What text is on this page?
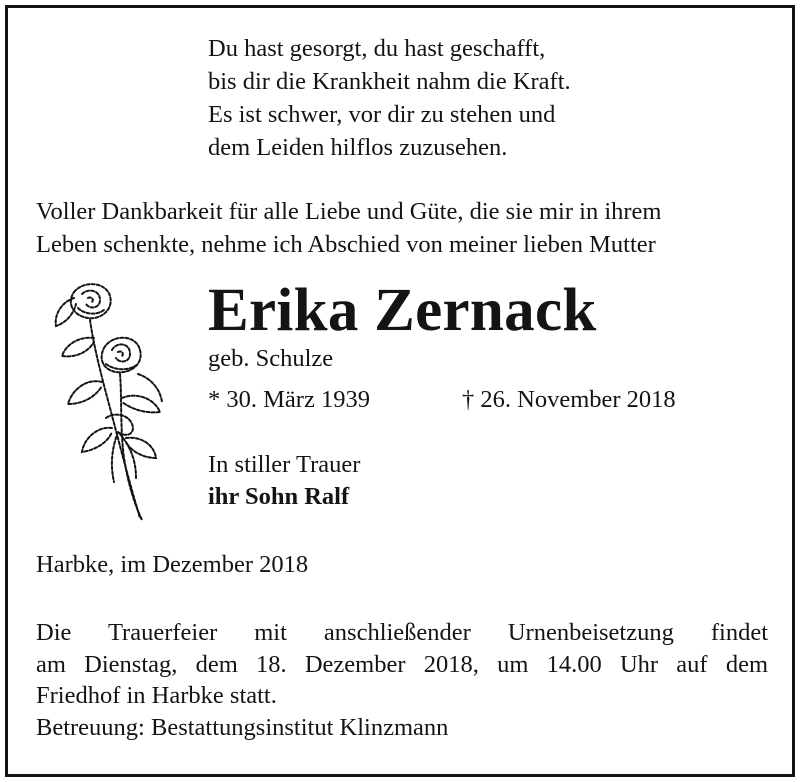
Du hast gesorgt, du hast geschafft,
bis dir die Krankheit nahm die Kraft.
Es ist schwer, vor dir zu stehen und
dem Leiden hilflos zuzusehen.
Voller Dankbarkeit für alle Liebe und Güte, die sie mir in ihrem
Leben schenkte, nehme ich Abschied von meiner lieben Mutter
Erika Zernack
geb. Schulze
* 30. März 1939	† 26. November 2018
In stiller Trauer
ihr Sohn Ralf
Harbke, im Dezember 2018
Die Trauerfeier mit anschließender Urnenbeisetzung findet
am Dienstag, dem 18. Dezember 2018, um 14.00 Uhr auf dem
Friedhof in Harbke statt.
Betreuung: Bestattungsinstitut Klinzmann
